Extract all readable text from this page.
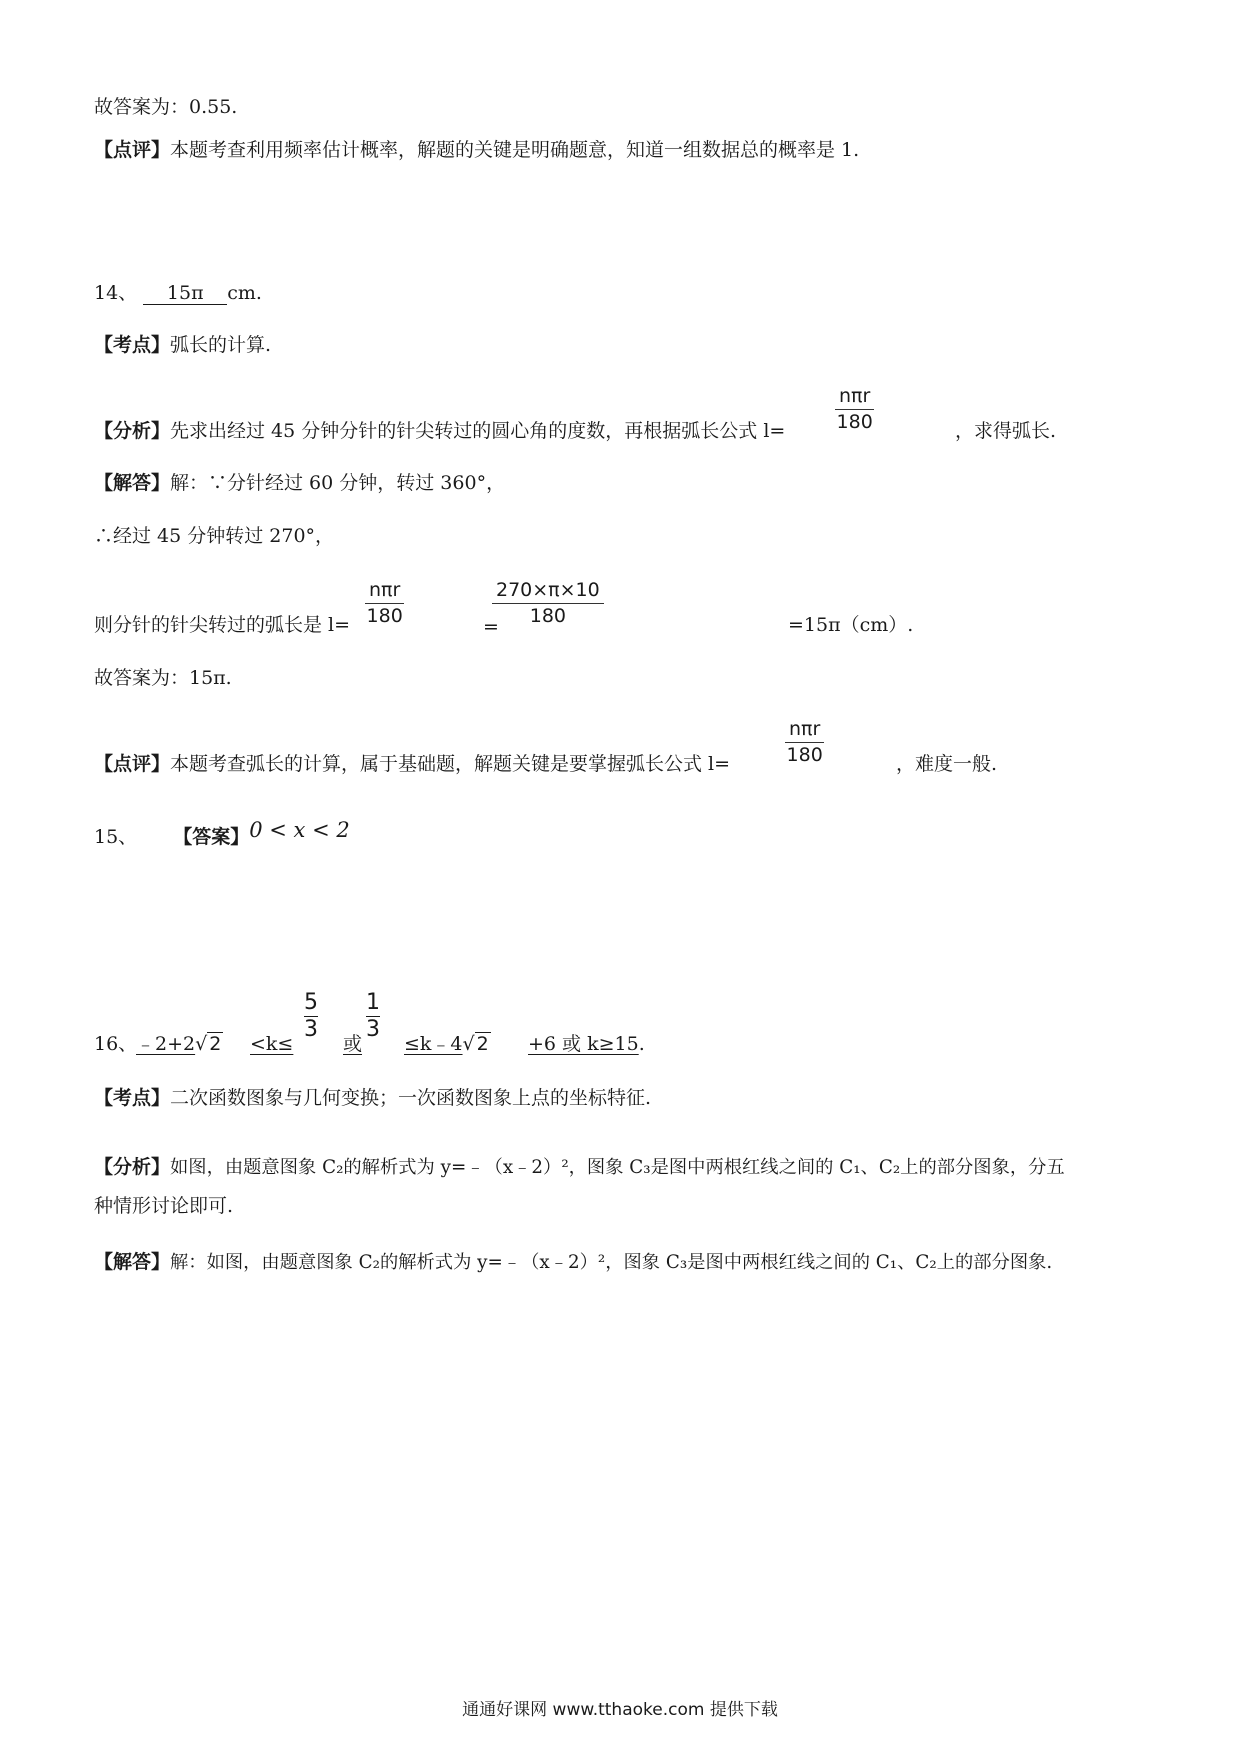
故答案为：0.55.
【点评】本题考查利用频率估计概率，解题的关键是明确题意，知道一组数据总的概率是 1.
14、 15π cm.
【考点】弧长的计算.
【分析】先求出经过 45 分钟分针的针尖转过的圆心角的度数，再根据弧长公式 l=
nπr
180	，求得弧长.
【解答】解：∵分针经过 60 分钟，转过 360°，
∴经过 45 分钟转过 270°，
则分针的针尖转过的弧长是 l=
nπr
180	=
$\frac{270\times\pi\times 10}{180}$	=15π（cm）.
故答案为：15π.
【点评】本题考查弧长的计算，属于基础题，解题关键是要掌握弧长公式 l=
nπr
180	，难度一般.
15、 【答案】0 < x < 2
16、
﹣2+2√ 2 <k≤
$\frac{5}{3}$
或
$\frac{1}{3}$
≤k﹣4√ 2 +6 或 k≥15.
【考点】二次函数图象与几何变换；一次函数图象上点的坐标特征.
【分析】如图，由题意图象 C₂的解析式为 y=﹣（x﹣2）²，图象 C₃是图中两根红线之间的 C₁、C₂上的部分图象，分五
种情形讨论即可.
【解答】解：如图，由题意图象 C₂的解析式为 y=﹣（x﹣2）²，图象 C₃是图中两根红线之间的 C₁、C₂上的部分图象.
通通好课网 www.tthaoke.com 提供下载
